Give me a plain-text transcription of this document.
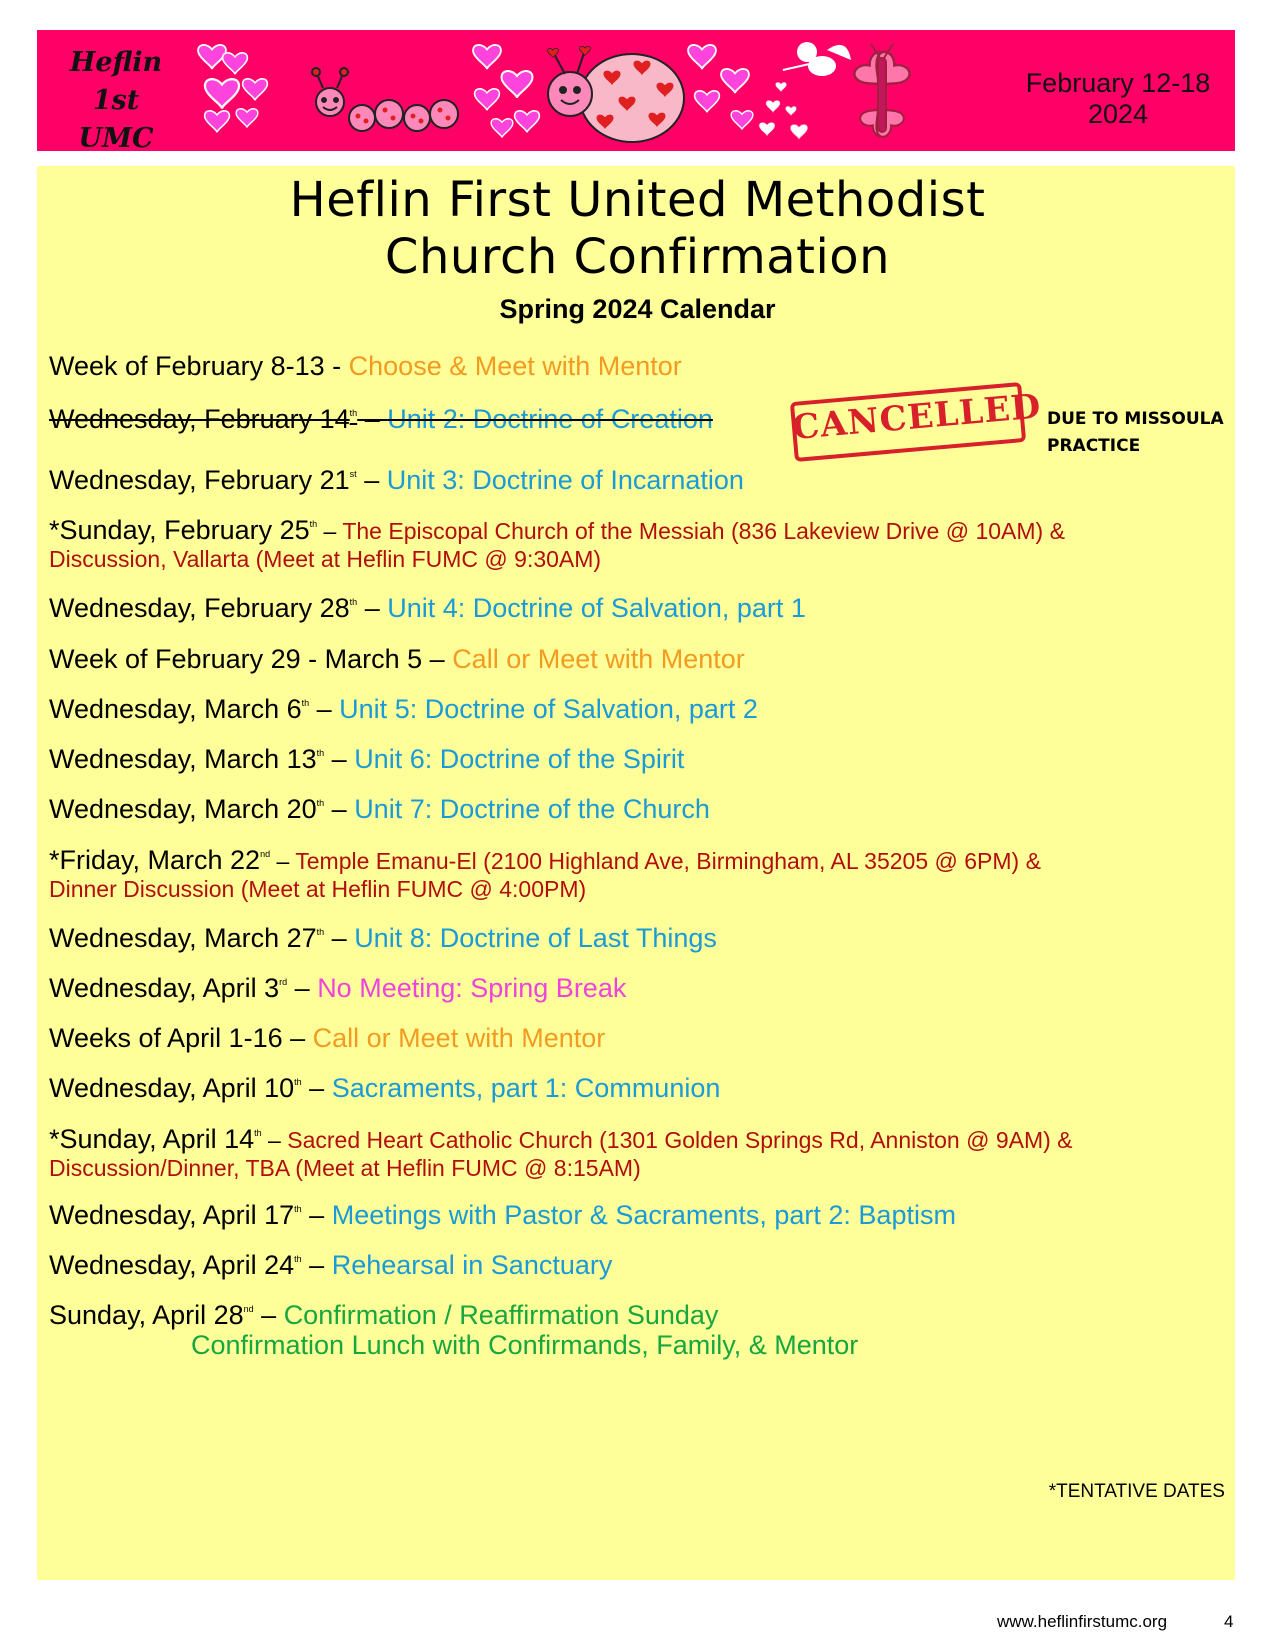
Heflin
1st UMC
February 12-18
2024
Heflin First United Methodist
Church Confirmation
Spring 2024 Calendar
Week of February 8-13 - Choose & Meet with Mentor
Wednesday, February 14th – Unit 2: Doctrine of Creation CANCELLED DUE TO MISSOULA
PRACTICE
Wednesday, February 21st – Unit 3: Doctrine of Incarnation
*Sunday, February 25th – The Episcopal Church of the Messiah (836 Lakeview Drive @ 10AM) &
Discussion, Vallarta (Meet at Heflin FUMC @ 9:30AM)
Wednesday, February 28th – Unit 4: Doctrine of Salvation, part 1
Week of February 29 - March 5 – Call or Meet with Mentor
Wednesday, March 6th – Unit 5: Doctrine of Salvation, part 2
Wednesday, March 13th – Unit 6: Doctrine of the Spirit
Wednesday, March 20th – Unit 7: Doctrine of the Church
*Friday, March 22nd – Temple Emanu-El (2100 Highland Ave, Birmingham, AL 35205 @ 6PM) &
Dinner Discussion (Meet at Heflin FUMC @ 4:00PM)
Wednesday, March 27th – Unit 8: Doctrine of Last Things
Wednesday, April 3rd – No Meeting: Spring Break
Weeks of April 1-16 – Call or Meet with Mentor
Wednesday, April 10th – Sacraments, part 1: Communion
*Sunday, April 14th – Sacred Heart Catholic Church (1301 Golden Springs Rd, Anniston @ 9AM) &
Discussion/Dinner, TBA (Meet at Heflin FUMC @ 8:15AM)
Wednesday, April 17th – Meetings with Pastor & Sacraments, part 2: Baptism
Wednesday, April 24th – Rehearsal in Sanctuary
Sunday, April 28nd – Confirmation / Reaffirmation Sunday
Confirmation Lunch with Confirmands, Family, & Mentor
*TENTATIVE DATES
www.heflinfirstumc.org	4
